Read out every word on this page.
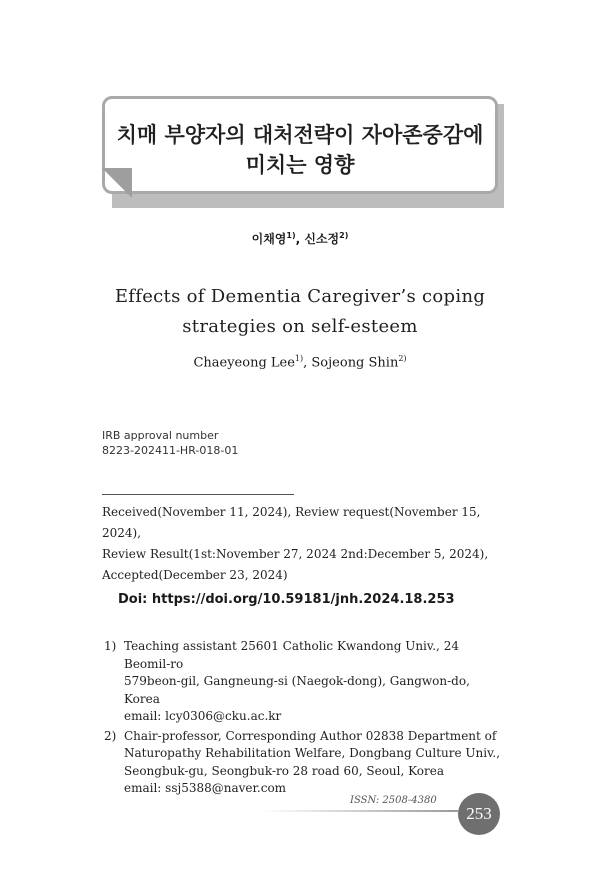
치매 부양자의 대처전략이 자아존중감에
미치는 영향
이채영$^{1)}$, 신소정$^{2)}$
Effects of Dementia Caregiver’s coping
strategies on self-esteem
Chaeyeong Lee$^{1)}$, Sojeong Shin$^{2)}$
IRB approval number
8223-202411-HR-018-01
Received(November 11, 2024), Review request(November 15, 2024),
Review Result(1st:November 27, 2024 2nd:December 5, 2024),
Accepted(December 23, 2024)
Doi: https://doi.org/10.59181/jnh.2024.18.253
1) Teaching assistant 25601 Catholic Kwandong Univ., 24 Beomil-ro
579beon-gil, Gangneung-si (Naegok-dong), Gangwon-do, Korea
email: lcy0306@cku.ac.kr
2) Chair-professor, Corresponding Author 02838 Department of
Naturopathy Rehabilitation Welfare, Dongbang Culture Univ.,
Seongbuk-gu, Seongbuk-ro 28 road 60, Seoul, Korea
email: ssj5388@naver.com
ISSN: 2508-4380
253
